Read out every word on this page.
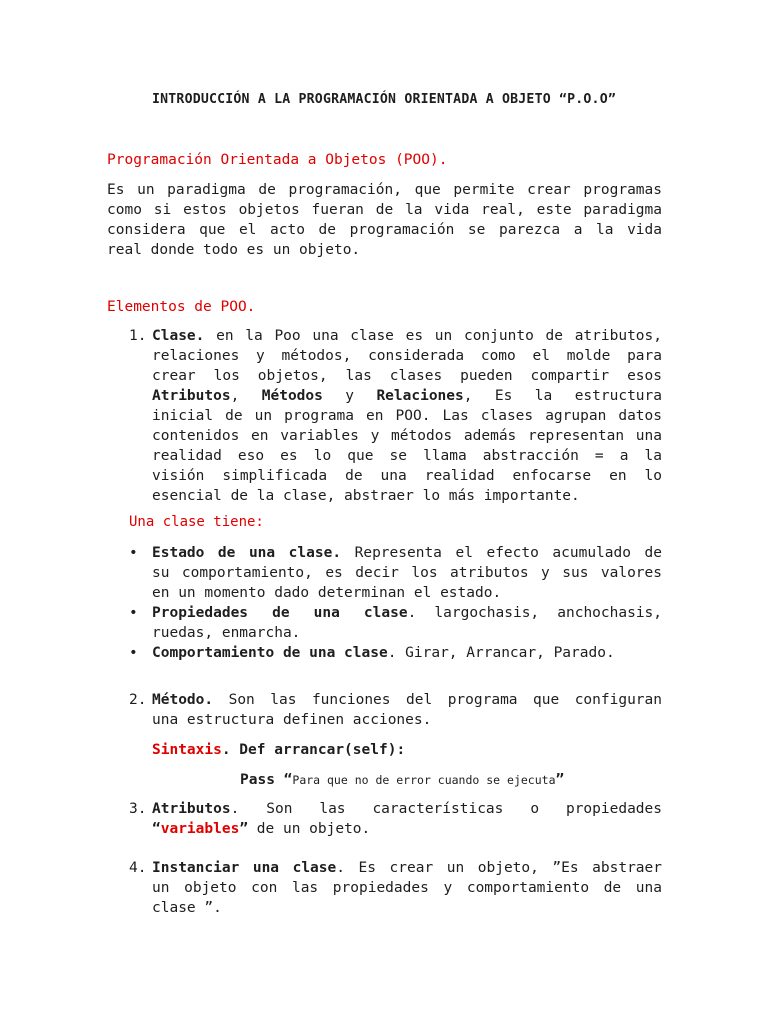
INTRODUCCIÓN A LA PROGRAMACIÓN ORIENTADA A OBJETO “P.O.O”
Programación Orientada a Objetos (POO).
Es un paradigma de programación, que permite crear programas
como si estos objetos fueran de la vida real, este paradigma
considera que el acto de programación se parezca a la vida
real donde todo es un objeto.
Elementos de POO.
1. Clase. en la Poo una clase es un conjunto de atributos,
relaciones y métodos, considerada como el molde para
crear los objetos, las clases pueden compartir esos
Atributos, Métodos y Relaciones, Es la estructura
inicial de un programa en POO. Las clases agrupan datos
contenidos en variables y métodos además representan una
realidad eso es lo que se llama abstracción = a la
visión simplificada de una realidad enfocarse en lo
esencial de la clase, abstraer lo más importante.
Una clase tiene:
• Estado de una clase. Representa el efecto acumulado de
su comportamiento, es decir los atributos y sus valores
en un momento dado determinan el estado.
• Propiedades de una clase. largochasis, anchochasis,
ruedas, enmarcha.
• Comportamiento de una clase. Girar, Arrancar, Parado.
2. Método. Son las funciones del programa que configuran
una estructura definen acciones.
Sintaxis. Def arrancar(self):
Pass “Para que no de error cuando se ejecuta”
3. Atributos. Son las características o propiedades
“variables” de un objeto.
4. Instanciar una clase. Es crear un objeto, ”Es abstraer
un objeto con las propiedades y comportamiento de una
clase ”.
